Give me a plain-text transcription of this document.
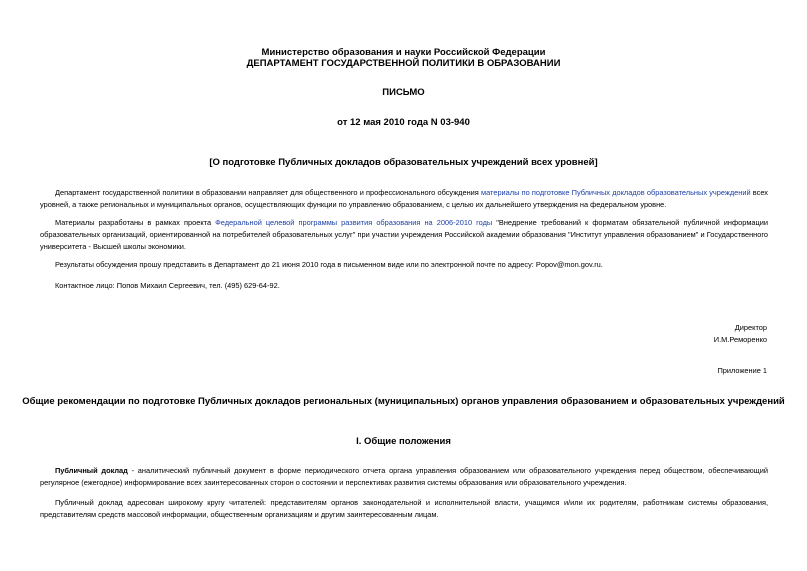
Министерство образования и науки Российской Федерации
ДЕПАРТАМЕНТ ГОСУДАРСТВЕННОЙ ПОЛИТИКИ В ОБРАЗОВАНИИ
ПИСЬМО
от 12 мая 2010 года N 03-940
[О подготовке Публичных докладов образовательных учреждений всех уровней]
Департамент государственной политики в образовании направляет для общественного и профессионального обсуждения материалы по подготовке Публичных докладов образовательных учреждений всех уровней, а также региональных и муниципальных органов, осуществляющих функции по управлению образованием, с целью их дальнейшего утверждения на федеральном уровне.
Материалы разработаны в рамках проекта Федеральной целевой программы развития образования на 2006-2010 годы "Внедрение требований к форматам обязательной публичной информации образовательных организаций, ориентированной на потребителей образовательных услуг" при участии учреждения Российской академии образования "Институт управления образованием" и Государственного университета - Высшей школы экономики.
Результаты обсуждения прошу представить в Департамент до 21 июня 2010 года в письменном виде или по электронной почте по адресу: Popov@mon.gov.ru.
Контактное лицо: Попов Михаил Сергеевич, тел. (495) 629-64-92.
Директор
И.М.Реморенко
Приложение 1
Общие рекомендации по подготовке Публичных докладов региональных (муниципальных) органов управления образованием и образовательных учреждений
I. Общие положения
Публичный доклад - аналитический публичный документ в форме периодического отчета органа управления образованием или образовательного учреждения перед обществом, обеспечивающий регулярное (ежегодное) информирование всех заинтересованных сторон о состоянии и перспективах развития системы образования или образовательного учреждения.
Публичный доклад адресован широкому кругу читателей: представителям органов законодательной и исполнительной власти, учащимся и/или их родителям, работникам системы образования, представителям средств массовой информации, общественным организациям и другим заинтересованным лицам.
